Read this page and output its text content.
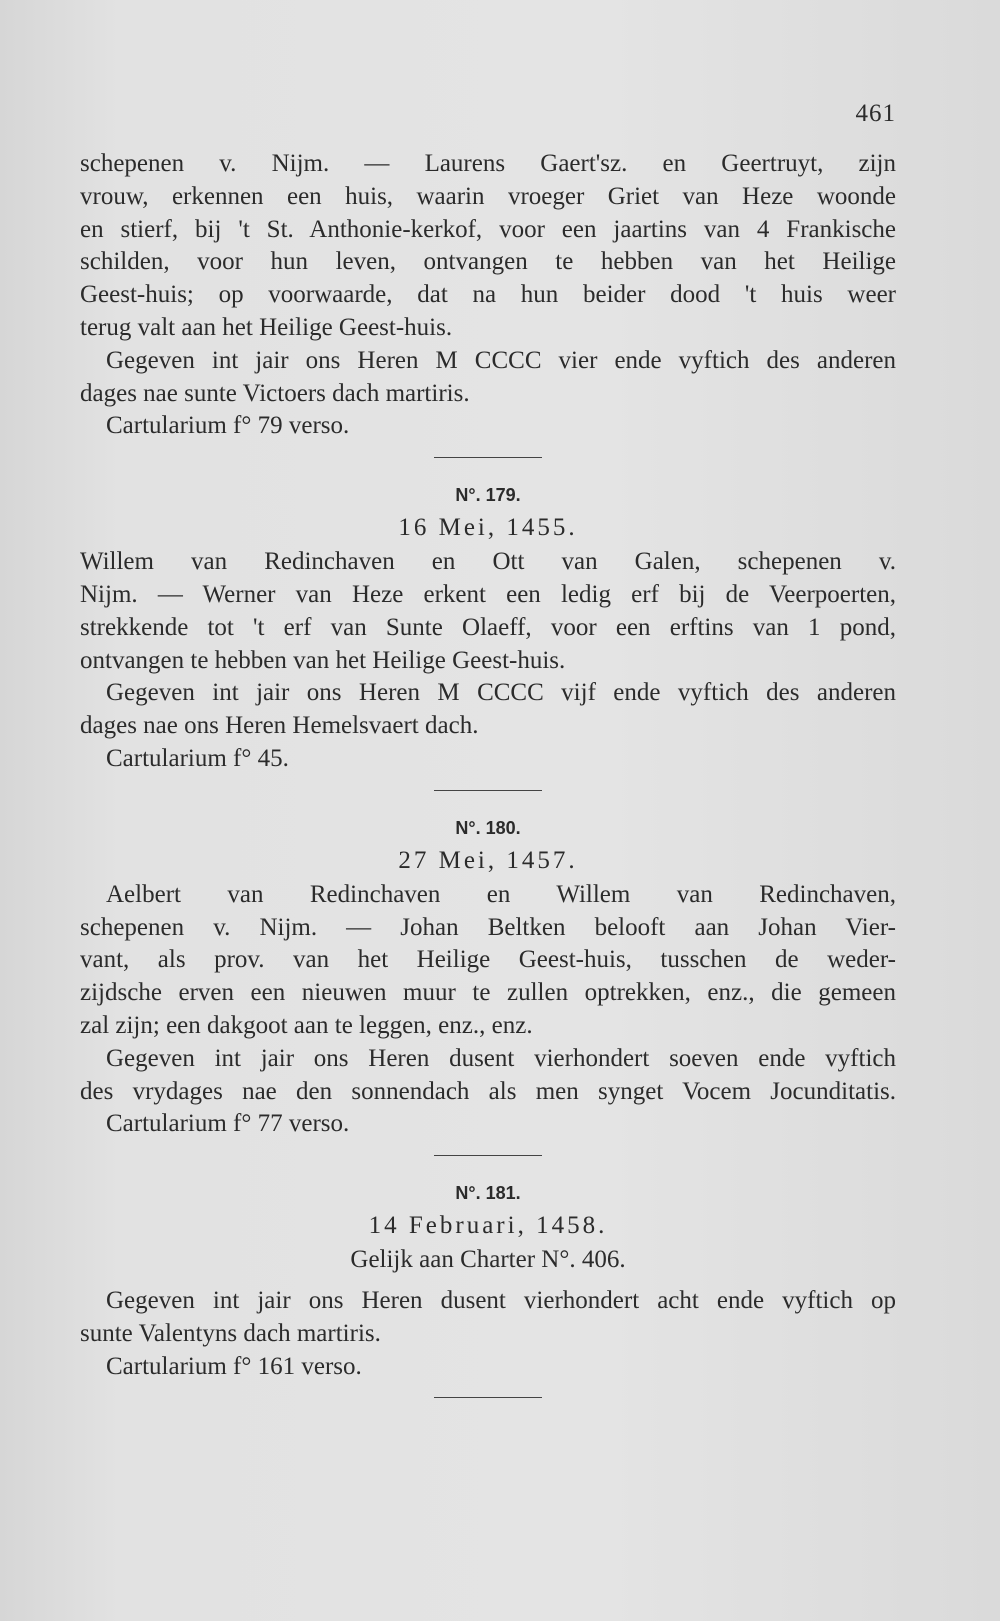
461
schepenen v. Nijm. — Laurens Gaert'sz. en Geertruyt, zijn
vrouw, erkennen een huis, waarin vroeger Griet van Heze woonde
en stierf, bij 't St. Anthonie-kerkof, voor een jaartins van 4 Frankische
schilden, voor hun leven, ontvangen te hebben van het Heilige
Geest-huis; op voorwaarde, dat na hun beider dood 't huis weer
terug valt aan het Heilige Geest-huis.
Gegeven int jair ons Heren M CCCC vier ende vyftich des anderen
dages nae sunte Victoers dach martiris.
Cartularium f° 79 verso.
N°. 179.
16 Mei, 1455.
Willem van Redinchaven en Ott van Galen, schepenen v.
Nijm. — Werner van Heze erkent een ledig erf bij de Veerpoerten,
strekkende tot 't erf van Sunte Olaeff, voor een erftins van 1 pond,
ontvangen te hebben van het Heilige Geest-huis.
Gegeven int jair ons Heren M CCCC vijf ende vyftich des anderen
dages nae ons Heren Hemelsvaert dach.
Cartularium f° 45.
N°. 180.
27 Mei, 1457.
Aelbert van Redinchaven en Willem van Redinchaven,
schepenen v. Nijm. — Johan Beltken belooft aan Johan Vier-
vant, als prov. van het Heilige Geest-huis, tusschen de weder-
zijdsche erven een nieuwen muur te zullen optrekken, enz., die gemeen
zal zijn; een dakgoot aan te leggen, enz., enz.
Gegeven int jair ons Heren dusent vierhondert soeven ende vyftich
des vrydages nae den sonnendach als men synget Vocem Jocunditatis.
Cartularium f° 77 verso.
N°. 181.
14 Februari, 1458.
Gelijk aan Charter N°. 406.
Gegeven int jair ons Heren dusent vierhondert acht ende vyftich op
sunte Valentyns dach martiris.
Cartularium f° 161 verso.
